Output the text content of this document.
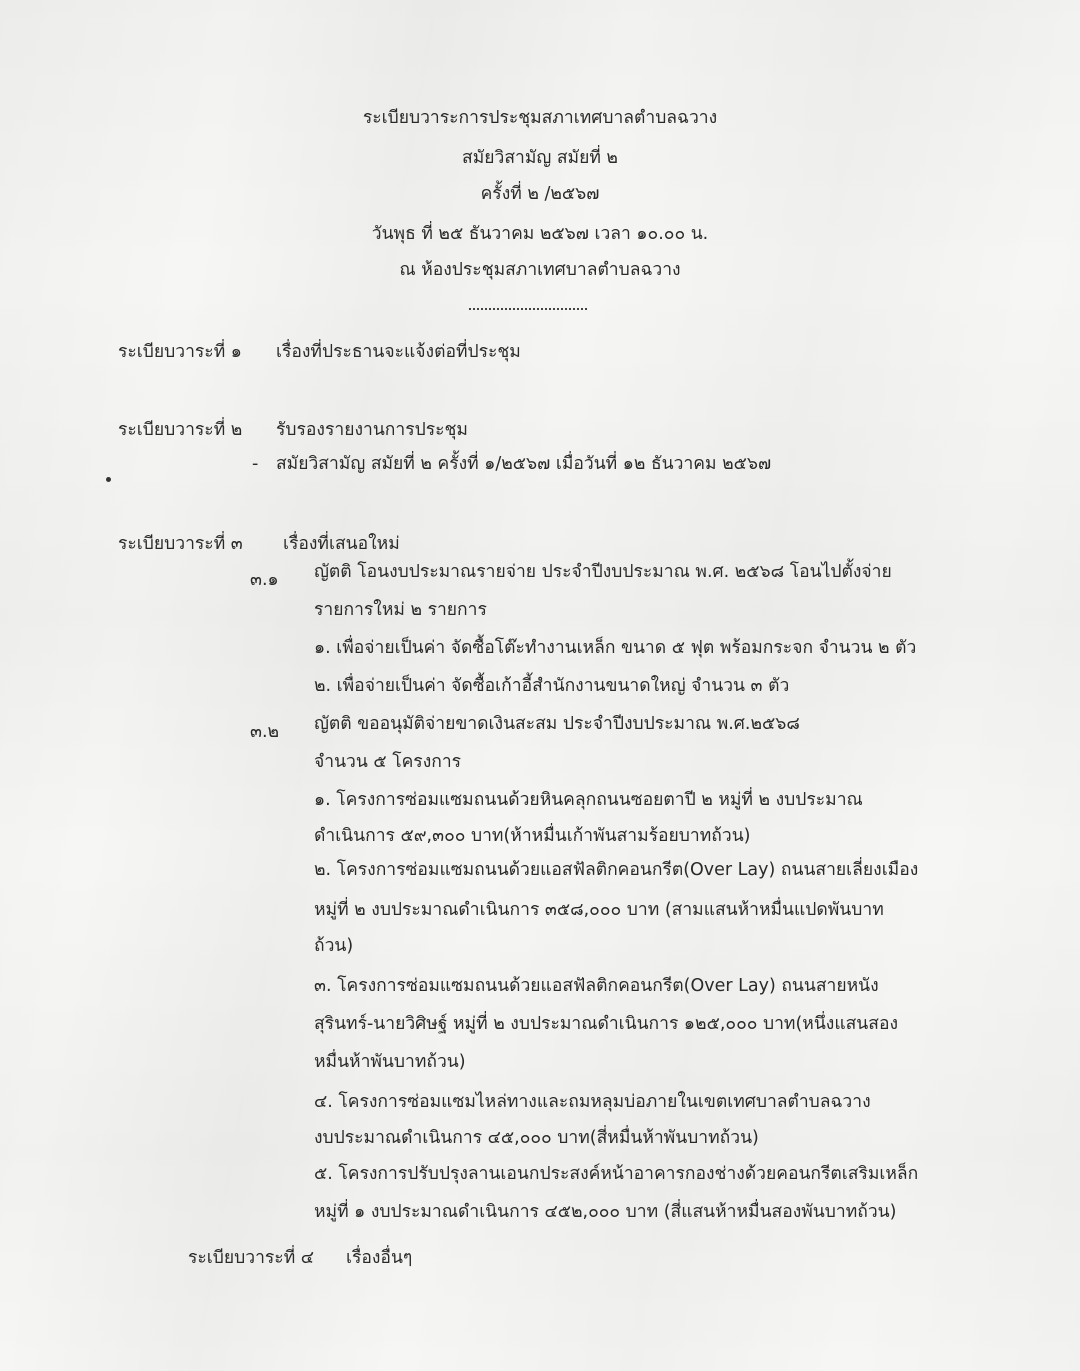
ระเบียบวาระการประชุมสภาเทศบาลตำบลฉวาง
สมัยวิสามัญ สมัยที่ ๒
ครั้งที่ ๒ /๒๕๖๗
วันพุธ ที่ ๒๕ ธันวาคม ๒๕๖๗ เวลา ๑๐.๐๐ น.
ณ ห้องประชุมสภาเทศบาลตำบลฉวาง
ระเบียบวาระที่ ๑ เรื่องที่ประธานจะแจ้งต่อที่ประชุม
ระเบียบวาระที่ ๒ รับรองรายงานการประชุม
- สมัยวิสามัญ สมัยที่ ๒ ครั้งที่ ๑/๒๕๖๗ เมื่อวันที่ ๑๒ ธันวาคม ๒๕๖๗
ระเบียบวาระที่ ๓ เรื่องที่เสนอใหม่
๓.๑ ญัตติ โอนงบประมาณรายจ่าย ประจำปีงบประมาณ พ.ศ. ๒๕๖๘ โอนไปตั้งจ่าย
รายการใหม่ ๒ รายการ
๑. เพื่อจ่ายเป็นค่า จัดซื้อโต๊ะทำงานเหล็ก ขนาด ๕ ฟุต พร้อมกระจก จำนวน ๒ ตัว
๒. เพื่อจ่ายเป็นค่า จัดซื้อเก้าอี้สำนักงานขนาดใหญ่ จำนวน ๓ ตัว
๓.๒ ญัตติ ขออนุมัติจ่ายขาดเงินสะสม ประจำปีงบประมาณ พ.ศ.๒๕๖๘
จำนวน ๕ โครงการ
๑. โครงการซ่อมแซมถนนด้วยหินคลุกถนนซอยตาปี ๒ หมู่ที่ ๒ งบประมาณ
ดำเนินการ ๕๙,๓๐๐ บาท(ห้าหมื่นเก้าพันสามร้อยบาทถ้วน)
๒. โครงการซ่อมแซมถนนด้วยแอสฟัลติกคอนกรีต(Over Lay) ถนนสายเลี่ยงเมือง
หมู่ที่ ๒ งบประมาณดำเนินการ ๓๕๘,๐๐๐ บาท (สามแสนห้าหมื่นแปดพันบาท
ถ้วน)
๓. โครงการซ่อมแซมถนนด้วยแอสฟัลติกคอนกรีต(Over Lay) ถนนสายหนัง
สุรินทร์-นายวิศิษฐ์ หมู่ที่ ๒ งบประมาณดำเนินการ ๑๒๕,๐๐๐ บาท(หนึ่งแสนสอง
หมื่นห้าพันบาทถ้วน)
๔. โครงการซ่อมแซมไหล่ทางและถมหลุมบ่อภายในเขตเทศบาลตำบลฉวาง
งบประมาณดำเนินการ ๔๕,๐๐๐ บาท(สี่หมื่นห้าพันบาทถ้วน)
๕. โครงการปรับปรุงลานเอนกประสงค์หน้าอาคารกองช่างด้วยคอนกรีตเสริมเหล็ก
หมู่ที่ ๑ งบประมาณดำเนินการ ๔๕๒,๐๐๐ บาท (สี่แสนห้าหมื่นสองพันบาทถ้วน)
ระเบียบวาระที่ ๔ เรื่องอื่นๆ
